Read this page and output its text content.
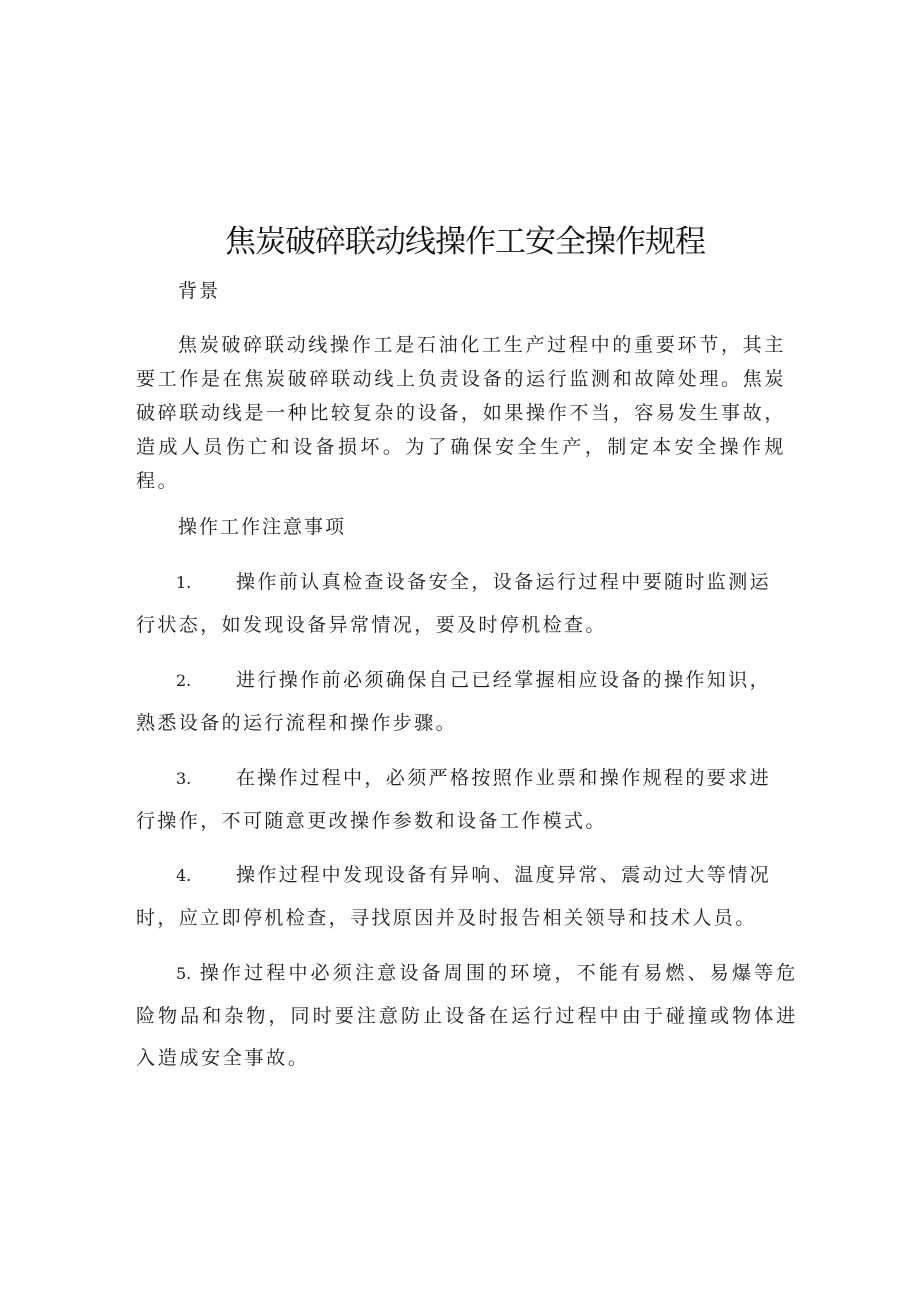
焦炭破碎联动线操作工安全操作规程

背景

焦炭破碎联动线操作工是石油化工生产过程中的重要环节，其主要工作是在焦炭破碎联动线上负责设备的运行监测和故障处理。焦炭破碎联动线是一种比较复杂的设备，如果操作不当，容易发生事故，造成人员伤亡和设备损坏。为了确保安全生产，制定本安全操作规程。

操作工作注意事项

1. 操作前认真检查设备安全，设备运行过程中要随时监测运
行状态，如发现设备异常情况，要及时停机检查。
2. 进行操作前必须确保自己已经掌握相应设备的操作知识，
熟悉设备的运行流程和操作步骤。
3. 在操作过程中，必须严格按照作业票和操作规程的要求进
行操作，不可随意更改操作参数和设备工作模式。
4. 操作过程中发现设备有异响、温度异常、震动过大等情况
时，应立即停机检查，寻找原因并及时报告相关领导和技术人员。

5. 操作过程中必须注意设备周围的环境，不能有易燃、易爆等危险物品和杂物，同时要注意防止设备在运行过程中由于碰撞或物体进入造成安全事故。
